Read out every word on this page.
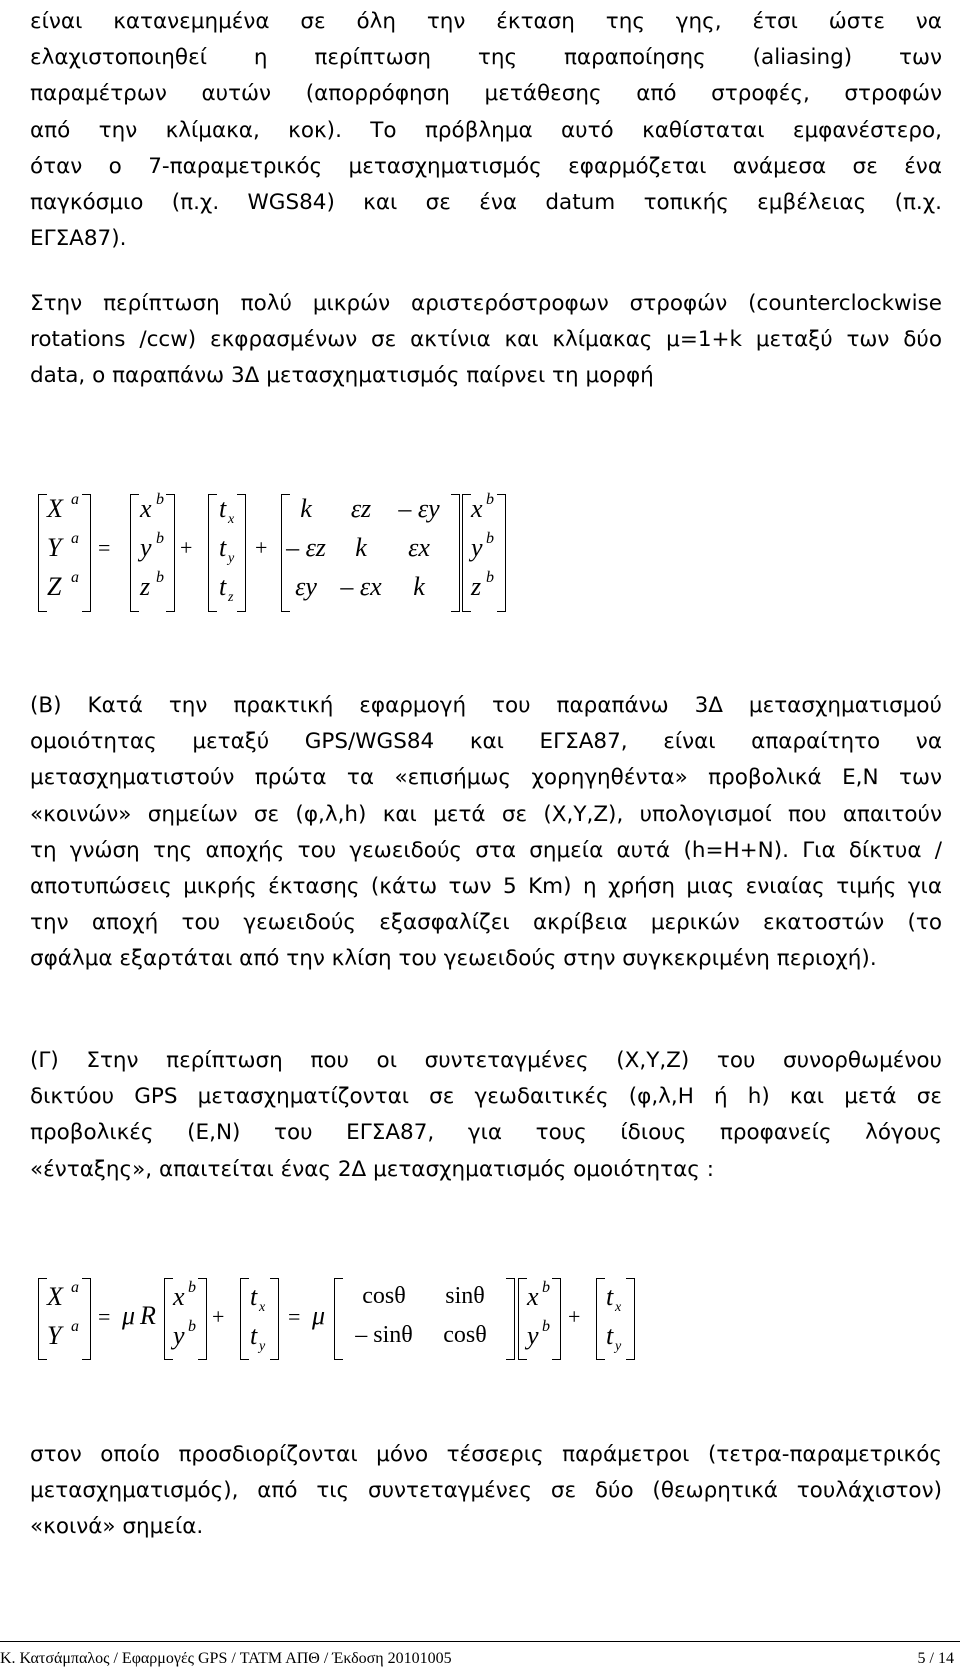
είναι κατανεμημένα σε όλη την έκταση της γης, έτσι ώστε να
ελαχιστοποιηθεί η περίπτωση της παραποίησης (aliasing) των
παραμέτρων αυτών (απορρόφηση μετάθεσης από στροφές, στροφών
από την κλίμακα, κοκ). Το πρόβλημα αυτό καθίσταται εμφανέστερο,
όταν ο 7-παραμετρικός μετασχηματισμός εφαρμόζεται ανάμεσα σε ένα
παγκόσμιο (π.χ. WGS84) και σε ένα datum τοπικής εμβέλειας (π.χ.
ΕΓΣΑ87).
Στην περίπτωση πολύ μικρών αριστερόστροφων στροφών (counterclockwise
rotations /ccw) εκφρασμένων σε ακτίνια και κλίμακας μ=1+k μεταξύ των δύο
data, ο παραπάνω 3Δ μετασχηματισμός παίρνει τη μορφή
X a
Y a
Z a
=
x b
y b
z b
+
t x
t y
t z
+
k	εz	– εy
– εz	k	εx
εy – εx	k
x b
y b
z b
(Β) Κατά την πρακτική εφαρμογή του παραπάνω 3Δ μετασχηματισμού
ομοιότητας μεταξύ GPS/WGS84 και ΕΓΣΑ87, είναι απαραίτητο να
μετασχηματιστούν πρώτα τα «επισήμως χορηγηθέντα» προβολικά Ε,Ν των
«κοινών» σημείων σε (φ,λ,h) και μετά σε (Χ,Υ,Ζ), υπολογισμοί που απαιτούν
τη γνώση της αποχής του γεωειδούς στα σημεία αυτά (h=H+N). Για δίκτυα /
αποτυπώσεις μικρής έκτασης (κάτω των 5 Km) η χρήση μιας ενιαίας τιμής για
την αποχή του γεωειδούς εξασφαλίζει ακρίβεια μερικών εκατοστών (το
σφάλμα εξαρτάται από την κλίση του γεωειδούς στην συγκεκριμένη περιοχή).
(Γ) Στην περίπτωση που οι συντεταγμένες (Χ,Υ,Ζ) του συνορθωμένου
δικτύου GPS μετασχηματίζονται σε γεωδαιτικές (φ,λ,Η ή h) και μετά σε
προβολικές (Ε,Ν) του ΕΓΣΑ87, για τους ίδιους προφανείς λόγους
«ένταξης», απαιτείται ένας 2Δ μετασχηματισμός ομοιότητας :
X a
Y a = μ R
x b
y b +
t x
t y
= μ
cosθ	sinθ
– sinθ	cosθ
x b
y b +
t x
t y
στον οποίο προσδιορίζονται μόνο τέσσερις παράμετροι (τετρα-παραμετρικός
μετασχηματισμός), από τις συντεταγμένες σε δύο (θεωρητικά τουλάχιστον)
«κοινά» σημεία.
Κ. Κατσάμπαλος / Εφαρμογές GPS / ΤΑΤΜ ΑΠΘ / Έκδοση 20101005	5 / 14
